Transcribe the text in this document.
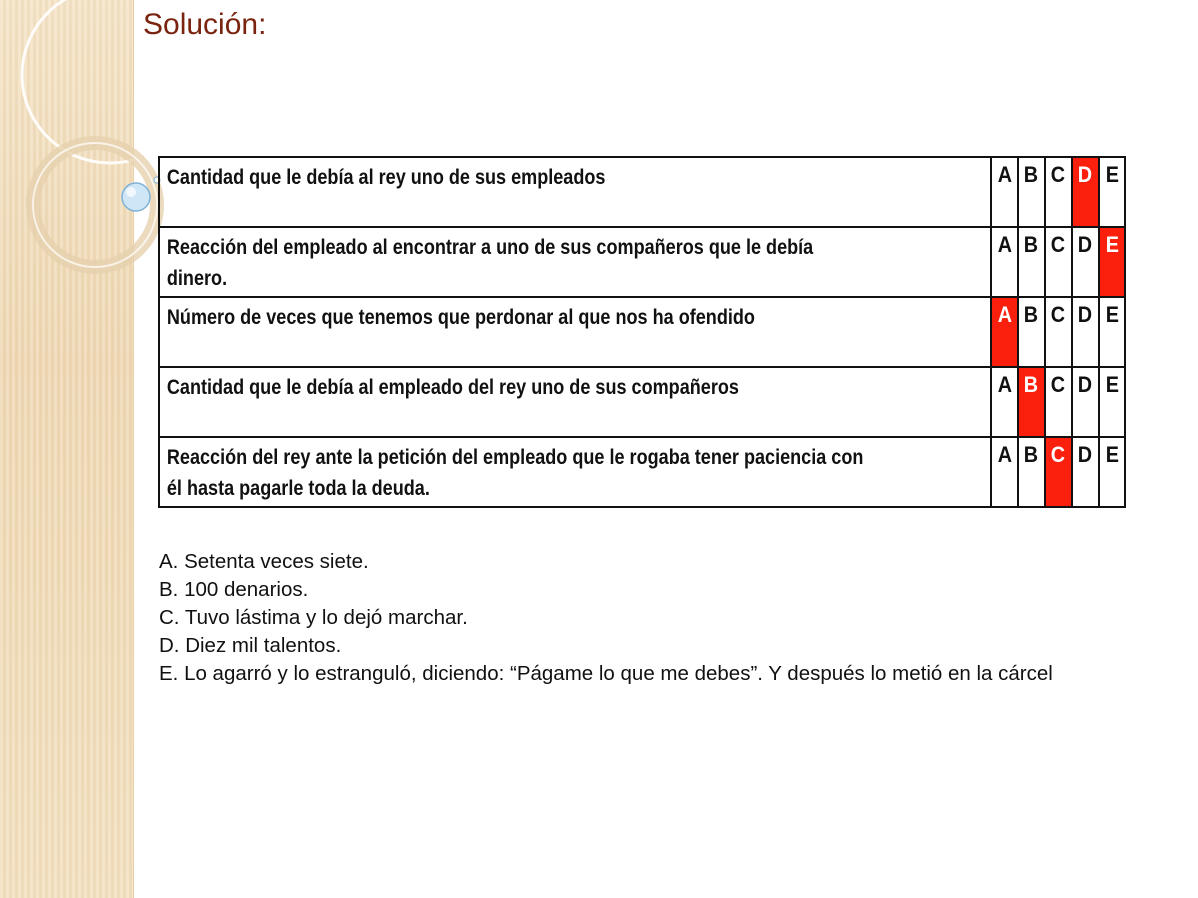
Solución:
Cantidad que le debía al rey uno de sus empleados	A	B	C	D	E

Reacción del empleado al encontrar a uno de sus compañeros que le debía dinero.	A	B	C	D	E

Número de veces que tenemos que perdonar al que nos ha ofendido	A	B	C	D	E

Cantidad que le debía al empleado del rey uno de sus compañeros	A	B	C	D	E

Reacción del rey ante la petición del empleado que le rogaba tener paciencia con él hasta pagarle toda la deuda.	A	B	C	D	E
A. Setenta veces siete.
B. 100 denarios.
C. Tuvo lástima y lo dejó marchar.
D. Diez mil talentos.
E. Lo agarró y lo estranguló, diciendo: “Págame lo que me debes”. Y después lo metió en la cárcel
